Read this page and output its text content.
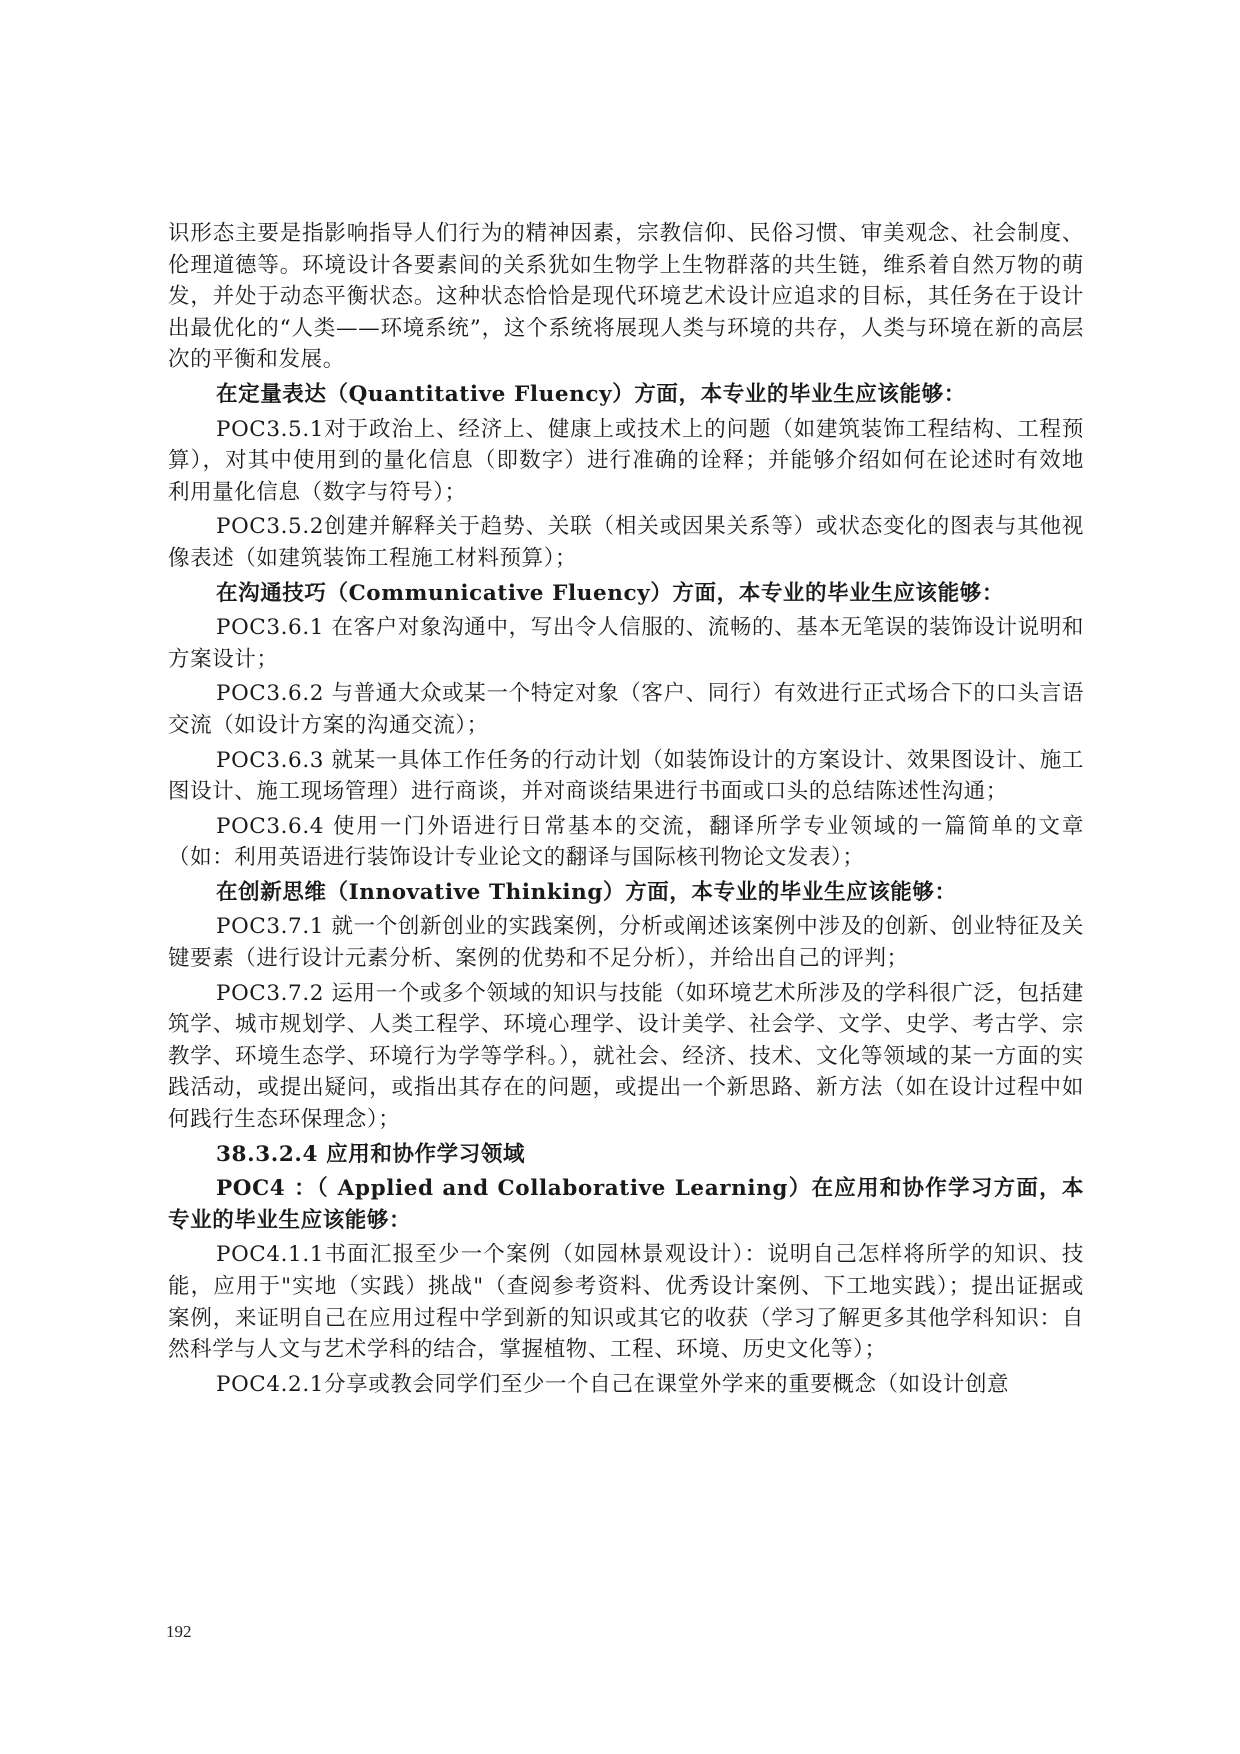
识形态主要是指影响指导人们行为的精神因素，宗教信仰、民俗习惯、审美观念、社会制度、伦理道德等。环境设计各要素间的关系犹如生物学上生物群落的共生链，维系着自然万物的萌发，并处于动态平衡状态。这种状态恰恰是现代环境艺术设计应追求的目标，其任务在于设计出最优化的“人类——环境系统”，这个系统将展现人类与环境的共存，人类与环境在新的高层次的平衡和发展。

在定量表达（Quantitative Fluency）方面，本专业的毕业生应该能够：

POC3.5.1对于政治上、经济上、健康上或技术上的问题（如建筑装饰工程结构、工程预算），对其中使用到的量化信息（即数字）进行准确的诠释；并能够介绍如何在论述时有效地利用量化信息（数字与符号）；

POC3.5.2创建并解释关于趋势、关联（相关或因果关系等）或状态变化的图表与其他视像表述（如建筑装饰工程施工材料预算）；

在沟通技巧（Communicative Fluency）方面，本专业的毕业生应该能够：

POC3.6.1 在客户对象沟通中，写出令人信服的、流畅的、基本无笔误的装饰设计说明和方案设计；

POC3.6.2 与普通大众或某一个特定对象（客户、同行）有效进行正式场合下的口头言语交流（如设计方案的沟通交流）；

POC3.6.3 就某一具体工作任务的行动计划（如装饰设计的方案设计、效果图设计、施工图设计、施工现场管理）进行商谈，并对商谈结果进行书面或口头的总结陈述性沟通；

POC3.6.4 使用一门外语进行日常基本的交流，翻译所学专业领域的一篇简单的文章（如：利用英语进行装饰设计专业论文的翻译与国际核刊物论文发表）；

在创新思维（Innovative Thinking）方面，本专业的毕业生应该能够：

POC3.7.1 就一个创新创业的实践案例，分析或阐述该案例中涉及的创新、创业特征及关键要素（进行设计元素分析、案例的优势和不足分析），并给出自己的评判；

POC3.7.2 运用一个或多个领域的知识与技能（如环境艺术所涉及的学科很广泛，包括建筑学、城市规划学、人类工程学、环境心理学、设计美学、社会学、文学、史学、考古学、宗教学、环境生态学、环境行为学等学科。），就社会、经济、技术、文化等领域的某一方面的实践活动，或提出疑问，或指出其存在的问题，或提出一个新思路、新方法（如在设计过程中如何践行生态环保理念）；

38.3.2.4 应用和协作学习领域

POC4 ：（ Applied and Collaborative Learning）在应用和协作学习方面，本专业的毕业生应该能够：

POC4.1.1书面汇报至少一个案例（如园林景观设计）：说明自己怎样将所学的知识、技能，应用于"实地（实践）挑战"（查阅参考资料、优秀设计案例、下工地实践）；提出证据或案例，来证明自己在应用过程中学到新的知识或其它的收获（学习了解更多其他学科知识：自然科学与人文与艺术学科的结合，掌握植物、工程、环境、历史文化等）；

POC4.2.1分享或教会同学们至少一个自己在课堂外学来的重要概念（如设计创意

192
